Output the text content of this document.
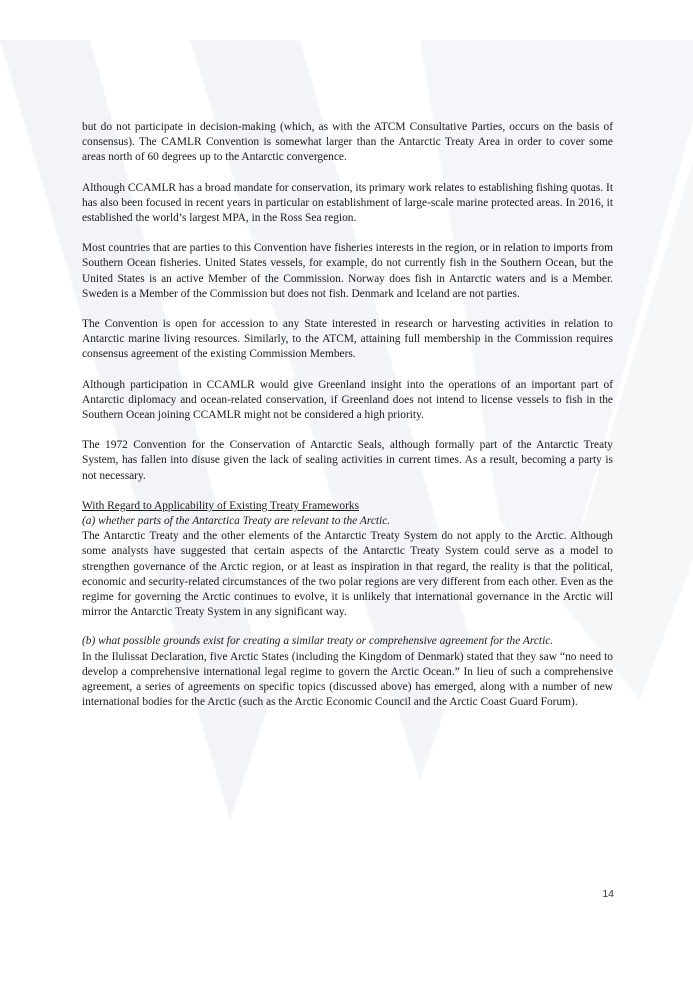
but do not participate in decision-making (which, as with the ATCM Consultative Parties, occurs on the basis of consensus). The CAMLR Convention is somewhat larger than the Antarctic Treaty Area in order to cover some areas north of 60 degrees up to the Antarctic convergence.

Although CCAMLR has a broad mandate for conservation, its primary work relates to establishing fishing quotas. It has also been focused in recent years in particular on establishment of large-scale marine protected areas. In 2016, it established the world’s largest MPA, in the Ross Sea region.

Most countries that are parties to this Convention have fisheries interests in the region, or in relation to imports from Southern Ocean fisheries. United States vessels, for example, do not currently fish in the Southern Ocean, but the United States is an active Member of the Commission. Norway does fish in Antarctic waters and is a Member. Sweden is a Member of the Commission but does not fish. Denmark and Iceland are not parties.

The Convention is open for accession to any State interested in research or harvesting activities in relation to Antarctic marine living resources. Similarly, to the ATCM, attaining full membership in the Commission requires consensus agreement of the existing Commission Members.

Although participation in CCAMLR would give Greenland insight into the operations of an important part of Antarctic diplomacy and ocean-related conservation, if Greenland does not intend to license vessels to fish in the Southern Ocean joining CCAMLR might not be considered a high priority.

The 1972 Convention for the Conservation of Antarctic Seals, although formally part of the Antarctic Treaty System, has fallen into disuse given the lack of sealing activities in current times. As a result, becoming a party is not necessary.

With Regard to Applicability of Existing Treaty Frameworks

(a) whether parts of the Antarctica Treaty are relevant to the Arctic.

The Antarctic Treaty and the other elements of the Antarctic Treaty System do not apply to the Arctic. Although some analysts have suggested that certain aspects of the Antarctic Treaty System could serve as a model to strengthen governance of the Arctic region, or at least as inspiration in that regard, the reality is that the political, economic and security-related circumstances of the two polar regions are very different from each other. Even as the regime for governing the Arctic continues to evolve, it is unlikely that international governance in the Arctic will mirror the Antarctic Treaty System in any significant way.

(b) what possible grounds exist for creating a similar treaty or comprehensive agreement for the Arctic.

In the Ilulissat Declaration, five Arctic States (including the Kingdom of Denmark) stated that they saw “no need to develop a comprehensive international legal regime to govern the Arctic Ocean.” In lieu of such a comprehensive agreement, a series of agreements on specific topics (discussed above) has emerged, along with a number of new international bodies for the Arctic (such as the Arctic Economic Council and the Arctic Coast Guard Forum).

14
